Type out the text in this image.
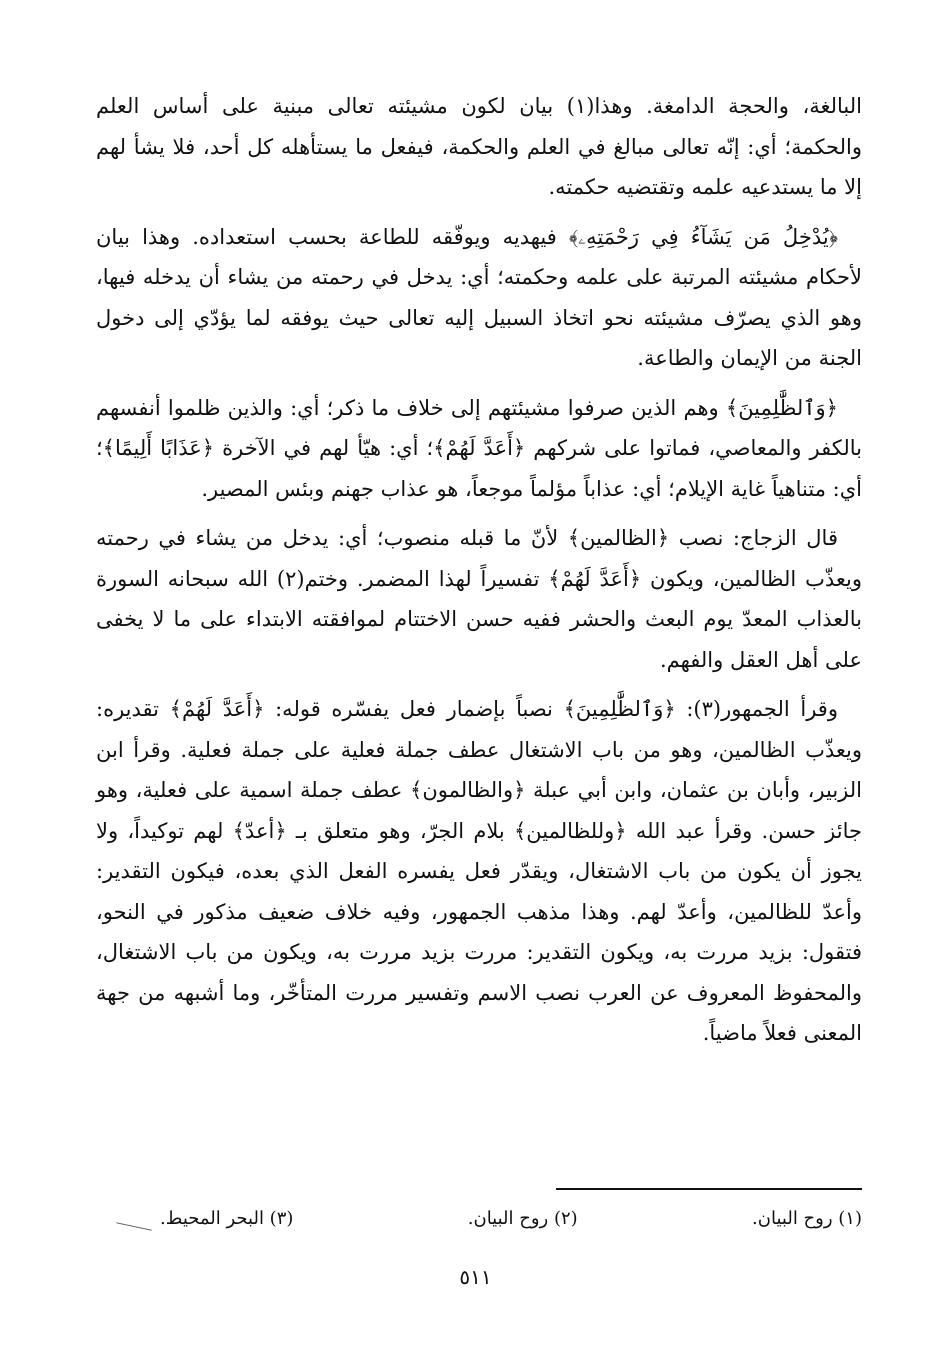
البالغة، والحجة الدامغة. وهذا(١) بيان لكون مشيئته تعالى مبنية على أساس العلم والحكمة؛ أي: إنّه تعالى مبالغ في العلم والحكمة، فيفعل ما يستأهله كل أحد، فلا يشأ لهم إلا ما يستدعيه علمه وتقتضيه حكمته.

﴿يُدْخِلُ مَن يَشَآءُ فِي رَحْمَتِهِۦ﴾ فيهديه ويوفّقه للطاعة بحسب استعداده. وهذا بيان لأحكام مشيئته المرتبة على علمه وحكمته؛ أي: يدخل في رحمته من يشاء أن يدخله فيها، وهو الذي يصرّف مشيئته نحو اتخاذ السبيل إليه تعالى حيث يوفقه لما يؤدّي إلى دخول الجنة من الإيمان والطاعة.

﴿وَٱلظَّٰلِمِينَ﴾ وهم الذين صرفوا مشيئتهم إلى خلاف ما ذكر؛ أي: والذين ظلموا أنفسهم بالكفر والمعاصي، فماتوا على شركهم ﴿أَعَدَّ لَهُمْ﴾؛ أي: هيّأ لهم في الآخرة ﴿عَذَابًا أَلِيمًا﴾؛ أي: متناهياً غاية الإيلام؛ أي: عذاباً مؤلماً موجعاً، هو عذاب جهنم وبئس المصير.

قال الزجاج: نصب ﴿الظالمين﴾ لأنّ ما قبله منصوب؛ أي: يدخل من يشاء في رحمته ويعذّب الظالمين، ويكون ﴿أَعَدَّ لَهُمْ﴾ تفسيراً لهذا المضمر. وختم(٢) الله سبحانه السورة بالعذاب المعدّ يوم البعث والحشر ففيه حسن الاختتام لموافقته الابتداء على ما لا يخفى على أهل العقل والفهم.

وقرأ الجمهور(٣): ﴿وَٱلظَّٰلِمِينَ﴾ نصباً بإضمار فعل يفسّره قوله: ﴿أَعَدَّ لَهُمْ﴾ تقديره: ويعذّب الظالمين، وهو من باب الاشتغال عطف جملة فعلية على جملة فعلية. وقرأ ابن الزبير، وأبان بن عثمان، وابن أبي عبلة ﴿والظالمون﴾ عطف جملة اسمية على فعلية، وهو جائز حسن. وقرأ عبد الله ﴿وللظالمين﴾ بلام الجرّ، وهو متعلق بـ ﴿أعدّ﴾ لهم توكيداً، ولا يجوز أن يكون من باب الاشتغال، ويقدّر فعل يفسره الفعل الذي بعده، فيكون التقدير: وأعدّ للظالمين، وأعدّ لهم. وهذا مذهب الجمهور، وفيه خلاف ضعيف مذكور في النحو، فتقول: بزيد مررت به، ويكون التقدير: مررت بزيد مررت به، ويكون من باب الاشتغال، والمحفوظ المعروف عن العرب نصب الاسم وتفسير مررت المتأخّر، وما أشبهه من جهة المعنى فعلاً ماضياً.

(١) روح البيان.
(٢) روح البيان.
(٣) البحر المحيط.
٥١١
